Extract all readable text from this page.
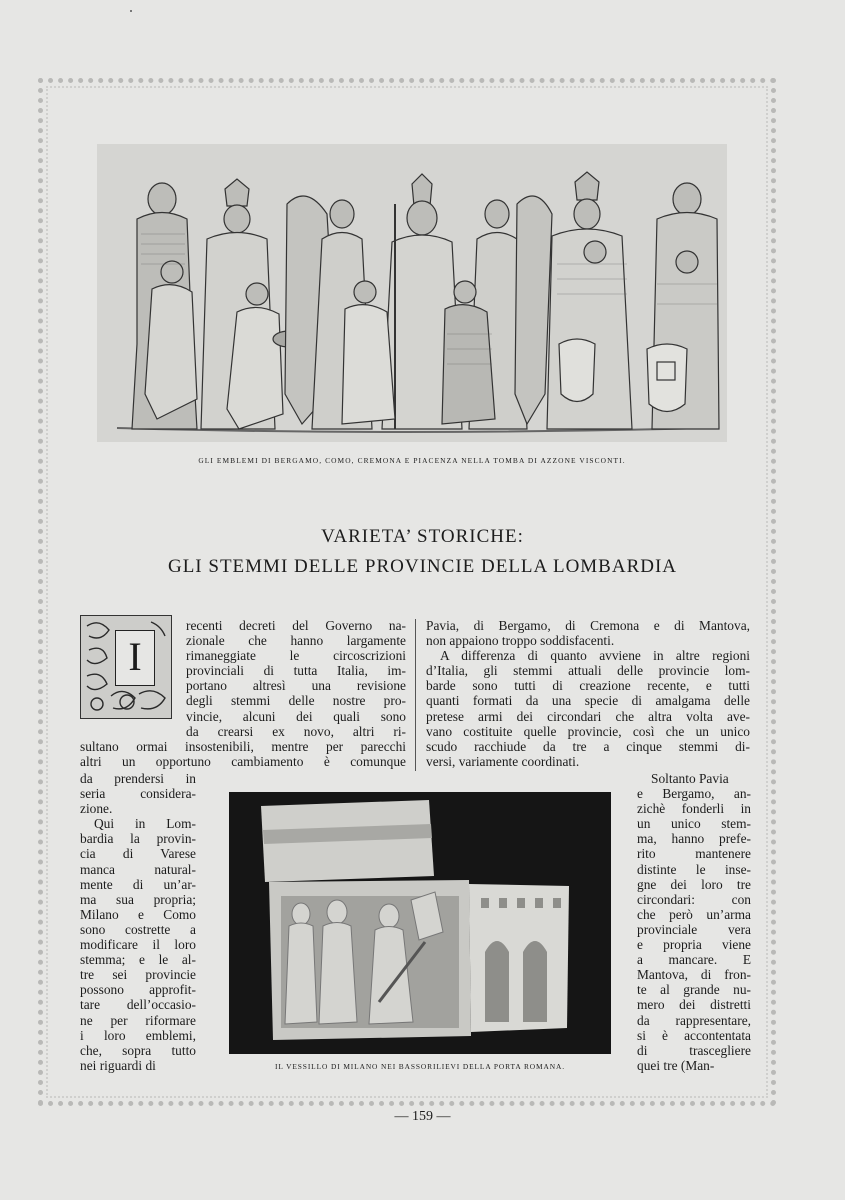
GLI EMBLEMI DI BERGAMO, COMO, CREMONA E PIACENZA NELLA TOMBA DI AZZONE VISCONTI.
VARIETA’ STORICHE:
GLI STEMMI DELLE PROVINCIE DELLA LOMBARDIA
I
recenti decreti del Governo na-
zionale che hanno largamente
rimaneggiate le circoscrizioni
provinciali di tutta Italia, im-
portano altresì una revisione
degli stemmi delle nostre pro-
vincie, alcuni dei quali sono
da crearsi ex novo, altri ri-
sultano ormai insostenibili, mentre per parecchi
altri un opportuno cambiamento è comunque
da prendersi in
seria considera-
zione.
Qui in Lom-
bardia la provin-
cia di Varese
manca natural-
mente di un’ar-
ma sua propria;
Milano e Como
sono costrette a
modificare il loro
stemma; e le al-
tre sei provincie
possono approfit-
tare dell’occasio-
ne per riformare
i loro emblemi,
che, sopra tutto
nei riguardi di
Pavia, di Bergamo, di Cremona e di Mantova,
non appaiono troppo soddisfacenti.
A differenza di quanto avviene in altre regioni
d’Italia, gli stemmi attuali delle provincie lom-
barde sono tutti di creazione recente, e tutti
quanti formati da una specie di amalgama delle
pretese armi dei circondari che altra volta ave-
vano costituite quelle provincie, così che un unico
scudo racchiude da tre a cinque stemmi di-
versi, variamente coordinati.
Soltanto Pavia
e Bergamo, an-
zichè fonderli in
un unico stem-
ma, hanno prefe-
rito mantenere
distinte le inse-
gne dei loro tre
circondari: con
che però un’arma
provinciale vera
e propria viene
a mancare. E
Mantova, di fron-
te al grande nu-
mero dei distretti
da rappresentare,
si è accontentata
di trascegliere
quei tre (Man-
IL VESSILLO DI MILANO NEI BASSORILIEVI DELLA PORTA ROMANA.
— 159 —
